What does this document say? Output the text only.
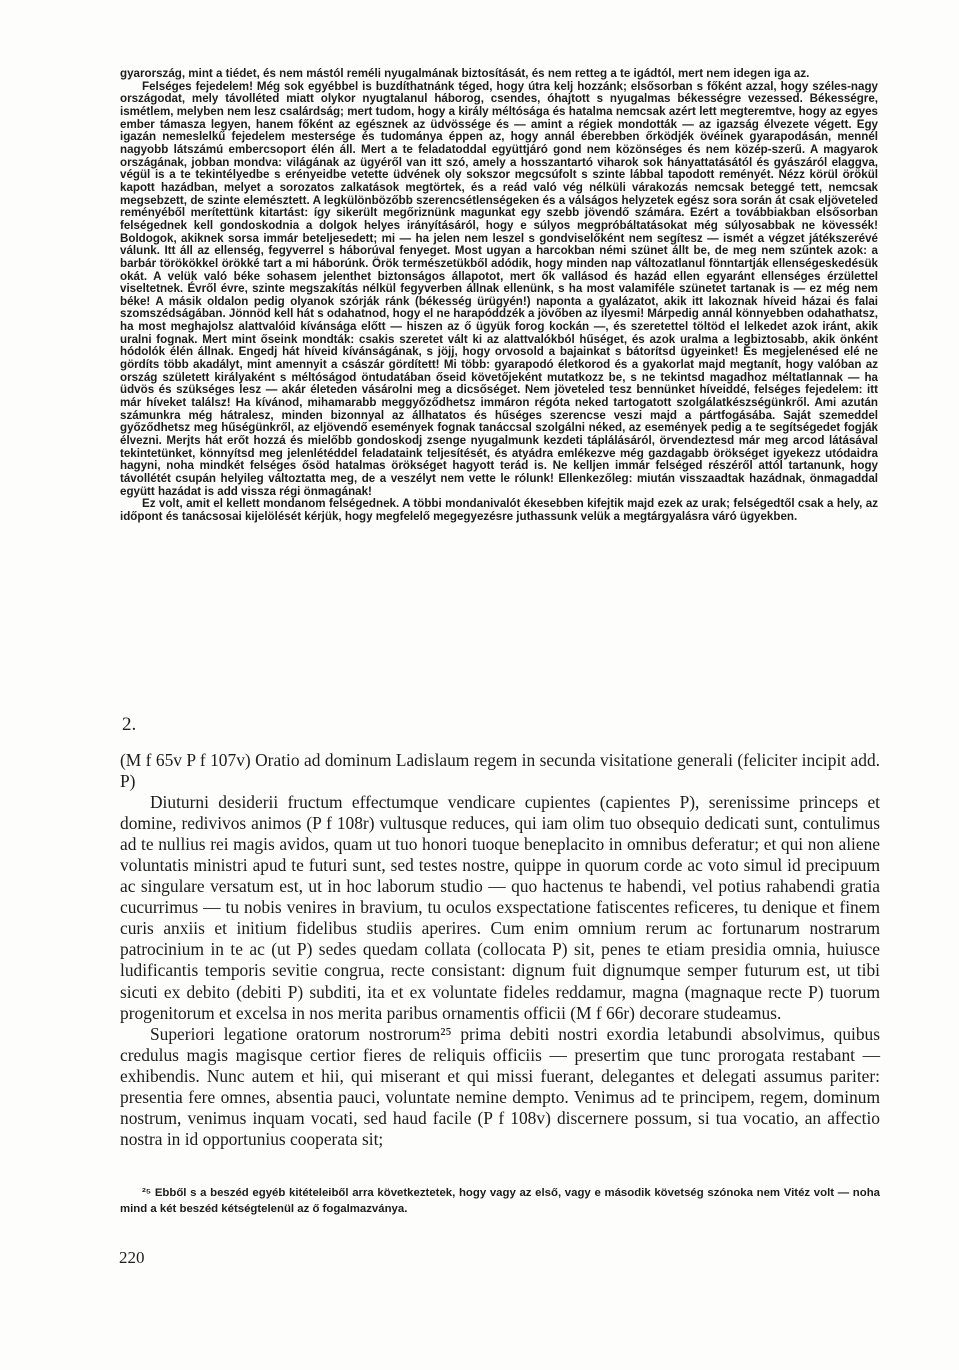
gyarország, mint a tiédet, és nem mástól reméli nyugalmának biztosítását, és nem retteg a te igádtól, mert nem idegen iga az.

Felséges fejedelem! Még sok egyébbel is buzdíthatnánk téged, hogy útra kelj hozzánk; elsősorban s főként azzal, hogy széles-nagy országodat, mely távolléted miatt olykor nyugtalanul háborog, csendes, óhajtott s nyugalmas békességre vezessed. Békességre, ismétlem, melyben nem lesz csalárdság; mert tudom, hogy a király méltósága és hatalma nemcsak azért lett megteremtve, hogy az egyes ember támasza legyen, hanem főként az egésznek az üdvössége és — amint a régiek mondották — az igazság élvezete végett. Egy igazán nemeslelkű fejedelem mestersége és tudománya éppen az, hogy annál éberebben őrködjék övéinek gyarapodásán, mennél nagyobb látszámú embercsoport élén áll. Mert a te feladatoddal együttjáró gond nem közönséges és nem közép-szerű. A magyarok országának, jobban mondva: világának az ügyéről van itt szó, amely a hosszantartó viharok sok hányattatásától és gyászáról elaggva, végül is a te tekintélyedbe s erényeidbe vetette üdvének oly sokszor megcsúfolt s szinte lábbal tapodott reményét. Nézz körül örökül kapott hazádban, melyet a sorozatos zalkatások megtörtek, és a reád való vég nélküli várakozás nemcsak beteggé tett, nemcsak megsebzett, de szinte elemésztett. A legkülönbözőbb szerencsétlenségeken és a válságos helyzetek egész sora során át csak eljöveteled reményéből merítettünk kitartást: így sikerült megőriznünk magunkat egy szebb jövendő számára. Ezért a továbbiakban elsősorban felségednek kell gondoskodnia a dolgok helyes irányításáról, hogy e súlyos megpróbáltatásokat még súlyosabbak ne kövessék! Boldogok, akiknek sorsa immár beteljesedett; mi — ha jelen nem leszel s gondviselőként nem segítesz — ismét a végzet játékszerévé válunk. Itt áll az ellenség, fegyverrel s háborúval fenyeget. Most ugyan a harcokban némi szünet állt be, de meg nem szűntek azok: a barbár törökökkel örökké tart a mi háborúnk. Örök természetükből adódik, hogy minden nap változatlanul fönntartják ellenségeskedésük okát. A velük való béke sohasem jelenthet biztonságos állapotot, mert ők vallásod és hazád ellen egyaránt ellenséges érzülettel viseltetnek. Évről évre, szinte megszakítás nélkül fegyverben állnak ellenünk, s ha most valamiféle szünetet tartanak is — ez még nem béke! A másik oldalon pedig olyanok szórják ránk (békesség ürügyén!) naponta a gyalázatot, akik itt lakoznak híveid házai és falai szomszédságában. Jönnöd kell hát s odahatnod, hogy el ne harapóddzék a jövőben az ilyesmi! Márpedig annál könnyebben odahathatsz, ha most meghajolsz alattvalóid kívánsága előtt — hiszen az ő ügyük forog kockán —, és szeretettel töltöd el lelkedet azok iránt, akik uralni fognak. Mert mint őseink mondták: csakis szeretet vált ki az alattvalókból hűséget, és azok uralma a legbiztosabb, akik önként hódolók élén állnak. Engedj hát híveid kívánságának, s jöjj, hogy orvosold a bajainkat s bátorítsd ügyeinket! És megjelenésed elé ne gördíts több akadályt, mint amennyit a császár gördített! Mi több: gyarapodó életkorod és a gyakorlat majd megtanít, hogy valóban az ország született királyaként s méltóságod öntudatában őseid követőjeként mutatkozz be, s ne tekintsd magadhoz méltatlannak — ha üdvös és szükséges lesz — akár életeden vásárolni meg a dicsőséget. Nem jöveteled tesz bennünket híveiddé, felséges fejedelem: itt már híveket találsz! Ha kívánod, mihamarabb meggyőződhetsz immáron régóta neked tartogatott szolgálatkészségünkről. Ami azután számunkra még hátralesz, minden bizonnyal az állhatatos és hűséges szerencse veszi majd a pártfogásába. Saját szemeddel győződhetsz meg hűségünkről, az eljövendő események fognak tanáccsal szolgálni néked, az események pedig a te segítségedet fogják élvezni. Merjts hát erőt hozzá és mielőbb gondoskodj zsenge nyugalmunk kezdeti táplálásáról, örvendeztesd már meg arcod látásával tekintetünket, könnyítsd meg jelenlétéddel feladataink teljesítését, és atyádra emlékezve még gazdagabb örökséget igyekezz utódaidra hagyni, noha mindkét felséges ősöd hatalmas örökséget hagyott terád is. Ne kelljen immár felséged részéről attól tartanunk, hogy távollétét csupán helyileg változtatta meg, de a veszélyt nem vette le rólunk! Ellenkezőleg: miután visszaadtak hazádnak, önmagaddal együtt hazádat is add vissza régi önmagának!

Ez volt, amit el kellett mondanom felségednek. A többi mondanivalót ékesebben kifejtik majd ezek az urak; felségedtől csak a hely, az időpont és tanácsosai kijelölését kérjük, hogy megfelelő megegyezésre juthassunk velük a megtárgyalásra váró ügyekben.

2.

(M f 65v P f 107v) Oratio ad dominum Ladislaum regem in secunda visitatione generali (feliciter incipit add. P)

Diuturni desiderii fructum effectumque vendicare cupientes (capientes P), serenissime princeps et domine, redivivos animos (P f 108r) vultusque reduces, qui iam olim tuo obsequio dedicati sunt, contulimus ad te nullius rei magis avidos, quam ut tuo honori tuoque beneplacito in omnibus deferatur; et qui non aliene voluntatis ministri apud te futuri sunt, sed testes nostre, quippe in quorum corde ac voto simul id precipuum ac singulare versatum est, ut in hoc laborum studio — quo hactenus te habendi, vel potius rahabendi gratia cucurrimus — tu nobis venires in bravium, tu oculos exspectatione fatiscentes reficeres, tu denique et finem curis anxiis et initium fidelibus studiis aperires. Cum enim omnium rerum ac fortunarum nostrarum patrocinium in te ac (ut P) sedes quedam collata (collocata P) sit, penes te etiam presidia omnia, huiusce ludificantis temporis sevitie congrua, recte consistant: dignum fuit dignumque semper futurum est, ut tibi sicuti ex debito (debiti P) subditi, ita et ex voluntate fideles reddamur, magna (magnaque recte P) tuorum progenitorum et excelsa in nos merita paribus ornamentis officii (M f 66r) decorare studeamus.

Superiori legatione oratorum nostrorum²⁵ prima debiti nostri exordia letabundi absolvimus, quibus credulus magis magisque certior fieres de reliquis officiis — presertim que tunc prorogata restabant — exhibendis. Nunc autem et hii, qui miserant et qui missi fuerant, delegantes et delegati assumus pariter: presentia fere omnes, absentia pauci, voluntate nemine dempto. Venimus ad te principem, regem, dominum nostrum, venimus inquam vocati, sed haud facile (P f 108v) discernere possum, si tua vocatio, an affectio nostra in id opportunius cooperata sit;

²⁵ Ebből s a beszéd egyéb kitételeiből arra következtetek, hogy vagy az első, vagy e második követség szónoka nem Vitéz volt — noha mind a két beszéd kétségtelenül az ő fogalmazványa.

220
